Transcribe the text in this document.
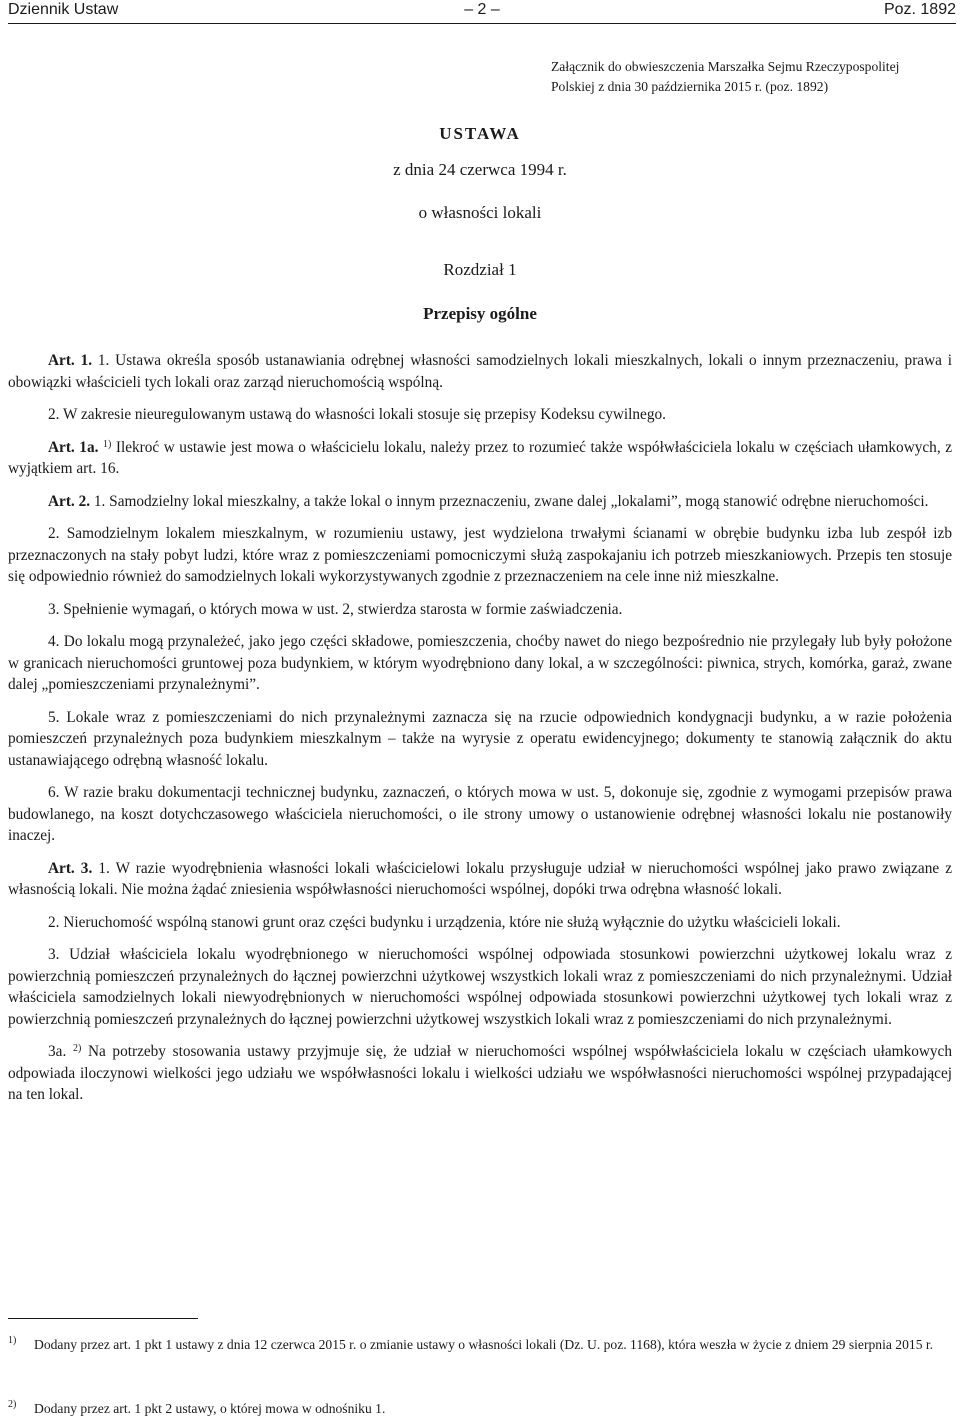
Dziennik Ustaw	– 2 –	Poz. 1892
Załącznik do obwieszczenia Marszałka Sejmu Rzeczypospolitej
Polskiej z dnia 30 października 2015 r. (poz. 1892)
USTAWA
z dnia 24 czerwca 1994 r.
o własności lokali
Rozdział 1
Przepisy ogólne

Art. 1. 1. Ustawa określa sposób ustanawiania odrębnej własności samodzielnych lokali mieszkalnych, lokali o innym przeznaczeniu, prawa i obowiązki właścicieli tych lokali oraz zarząd nieruchomością wspólną.

2. W zakresie nieuregulowanym ustawą do własności lokali stosuje się przepisy Kodeksu cywilnego.

Art. 1a. $^{1)}$ Ilekroć w ustawie jest mowa o właścicielu lokalu, należy przez to rozumieć także współwłaściciela lokalu w częściach ułamkowych, z wyjątkiem art. 16.

Art. 2. 1. Samodzielny lokal mieszkalny, a także lokal o innym przeznaczeniu, zwane dalej „lokalami”, mogą stanowić odrębne nieruchomości.

2. Samodzielnym lokalem mieszkalnym, w rozumieniu ustawy, jest wydzielona trwałymi ścianami w obrębie budynku izba lub zespół izb przeznaczonych na stały pobyt ludzi, które wraz z pomieszczeniami pomocniczymi służą zaspokajaniu ich potrzeb mieszkaniowych. Przepis ten stosuje się odpowiednio również do samodzielnych lokali wykorzystywanych zgodnie z przeznaczeniem na cele inne niż mieszkalne.

3. Spełnienie wymagań, o których mowa w ust. 2, stwierdza starosta w formie zaświadczenia.

4. Do lokalu mogą przynależeć, jako jego części składowe, pomieszczenia, choćby nawet do niego bezpośrednio nie przylegały lub były położone w granicach nieruchomości gruntowej poza budynkiem, w którym wyodrębniono dany lokal, a w szczególności: piwnica, strych, komórka, garaż, zwane dalej „pomieszczeniami przynależnymi”.

5. Lokale wraz z pomieszczeniami do nich przynależnymi zaznacza się na rzucie odpowiednich kondygnacji budynku, a w razie położenia pomieszczeń przynależnych poza budynkiem mieszkalnym – także na wyrysie z operatu ewidencyjnego; dokumenty te stanowią załącznik do aktu ustanawiającego odrębną własność lokalu.

6. W razie braku dokumentacji technicznej budynku, zaznaczeń, o których mowa w ust. 5, dokonuje się, zgodnie z wymogami przepisów prawa budowlanego, na koszt dotychczasowego właściciela nieruchomości, o ile strony umowy o ustanowienie odrębnej własności lokalu nie postanowiły inaczej.

Art. 3. 1. W razie wyodrębnienia własności lokali właścicielowi lokalu przysługuje udział w nieruchomości wspólnej jako prawo związane z własnością lokali. Nie można żądać zniesienia współwłasności nieruchomości wspólnej, dopóki trwa odrębna własność lokali.

2. Nieruchomość wspólną stanowi grunt oraz części budynku i urządzenia, które nie służą wyłącznie do użytku właścicieli lokali.

3. Udział właściciela lokalu wyodrębnionego w nieruchomości wspólnej odpowiada stosunkowi powierzchni użytkowej lokalu wraz z powierzchnią pomieszczeń przynależnych do łącznej powierzchni użytkowej wszystkich lokali wraz z pomieszczeniami do nich przynależnymi. Udział właściciela samodzielnych lokali niewyodrębnionych w nieruchomości wspólnej odpowiada stosunkowi powierzchni użytkowej tych lokali wraz z powierzchnią pomieszczeń przynależnych do łącznej powierzchni użytkowej wszystkich lokali wraz z pomieszczeniami do nich przynależnymi.

3a. $^{2)}$ Na potrzeby stosowania ustawy przyjmuje się, że udział w nieruchomości wspólnej współwłaściciela lokalu w częściach ułamkowych odpowiada iloczynowi wielkości jego udziału we współwłasności lokalu i wielkości udziału we współwłasności nieruchomości wspólnej przypadającej na ten lokal.

1) Dodany przez art. 1 pkt 1 ustawy z dnia 12 czerwca 2015 r. o zmianie ustawy o własności lokali (Dz. U. poz. 1168), która weszła w życie z dniem 29 sierpnia 2015 r.
2) Dodany przez art. 1 pkt 2 ustawy, o której mowa w odnośniku 1.
